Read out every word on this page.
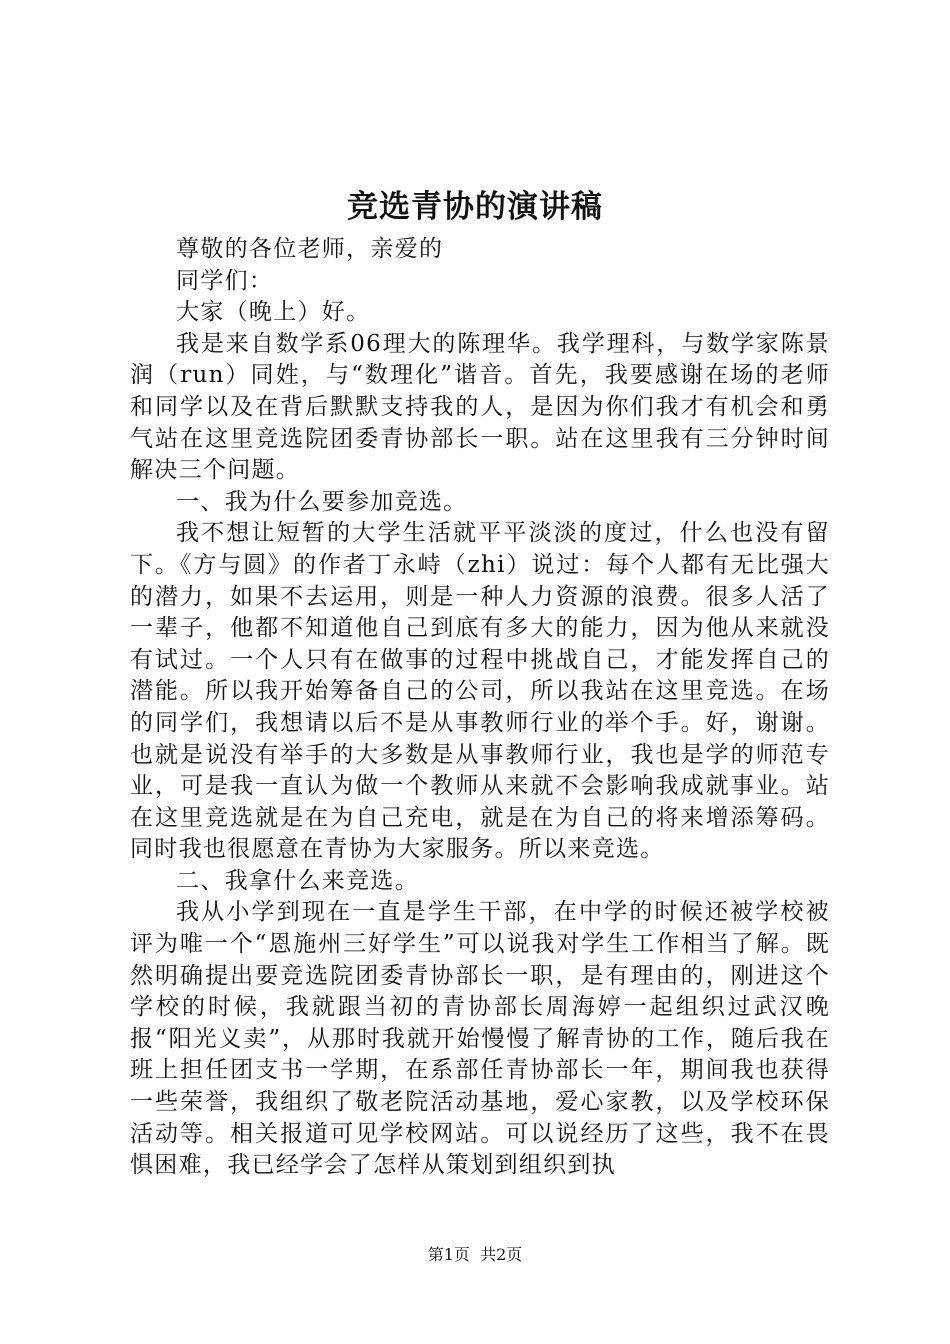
竞选青协的演讲稿

尊敬的各位老师，亲爱的

同学们：

大家（晚上）好。

我是来自数学系06理大的陈理华。我学理科，与数学家陈景润（run）同姓，与“数理化”谐音。首先，我要感谢在场的老师和同学以及在背后默默支持我的人，是因为你们我才有机会和勇气站在这里竞选院团委青协部长一职。站在这里我有三分钟时间解决三个问题。

一、我为什么要参加竞选。

我不想让短暂的大学生活就平平淡淡的度过，什么也没有留下。《方与圆》的作者丁永峙（zhi）说过：每个人都有无比强大的潜力，如果不去运用，则是一种人力资源的浪费。很多人活了一辈子，他都不知道他自己到底有多大的能力，因为他从来就没有试过。一个人只有在做事的过程中挑战自己，才能发挥自己的潜能。所以我开始筹备自己的公司，所以我站在这里竞选。在场的同学们，我想请以后不是从事教师行业的举个手。好，谢谢。也就是说没有举手的大多数是从事教师行业，我也是学的师范专业，可是我一直认为做一个教师从来就不会影响我成就事业。站在这里竞选就是在为自己充电，就是在为自己的将来增添筹码。同时我也很愿意在青协为大家服务。所以来竞选。

二、我拿什么来竞选。

我从小学到现在一直是学生干部，在中学的时候还被学校被评为唯一个“恩施州三好学生”可以说我对学生工作相当了解。既然明确提出要竞选院团委青协部长一职，是有理由的，刚进这个学校的时候，我就跟当初的青协部长周海婷一起组织过武汉晚报“阳光义卖”，从那时我就开始慢慢了解青协的工作，随后我在班上担任团支书一学期，在系部任青协部长一年，期间我也获得一些荣誉，我组织了敬老院活动基地，爱心家教，以及学校环保活动等。相关报道可见学校网站。可以说经历了这些，我不在畏惧困难，我已经学会了怎样从策划到组织到执

第1页 共2页
